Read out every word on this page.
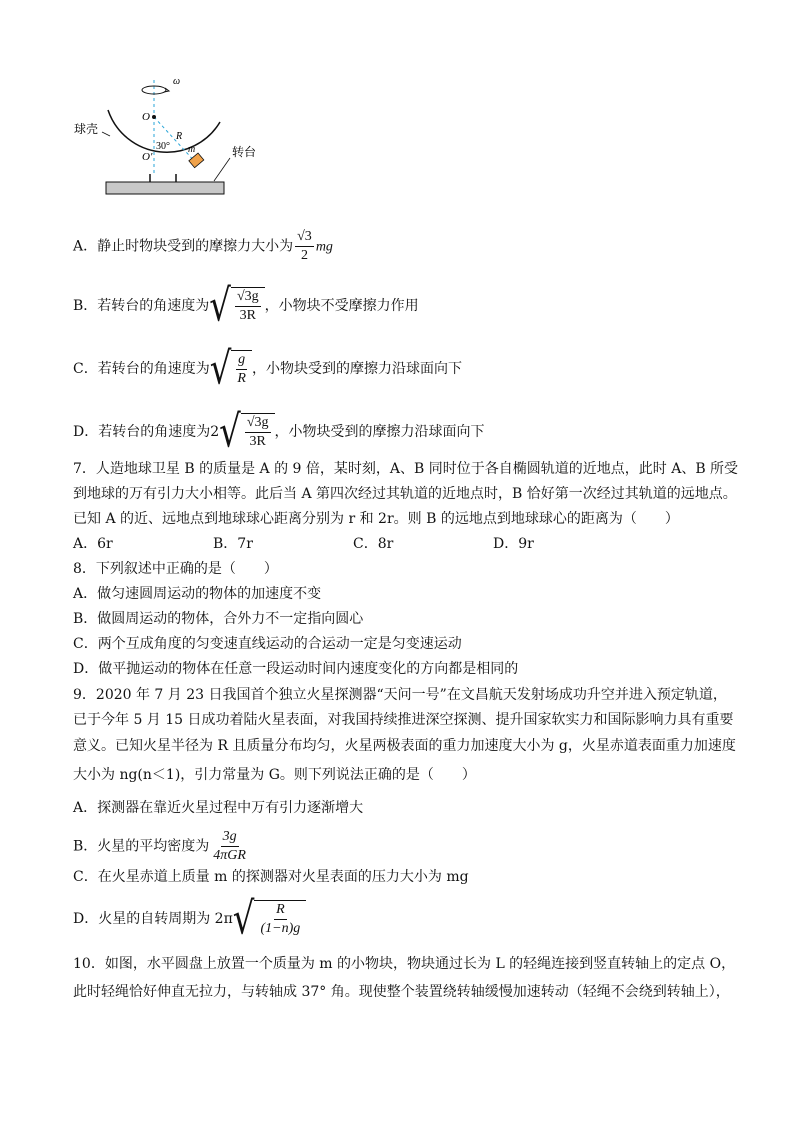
ω
O
R
30°
O′
m	转台
球壳
A．静止时物块受到的摩擦力大小为 $\frac{√3}{2}$ mg
B．若转台的角速度为 √ $\frac{√3g}{3R}$ ，小物块不受摩擦力作用
C．若转台的角速度为 √ $\frac{g}{R}$ ，小物块受到的摩擦力沿球面向下
D．若转台的角速度为2 √ $\frac{√3g}{3R}$ ，小物块受到的摩擦力沿球面向下
7．人造地球卫星 B 的质量是 A 的 9 倍，某时刻，A、B 同时位于各自椭圆轨道的近地点，此时 A、B 所受
到地球的万有引力大小相等。此后当 A 第四次经过其轨道的近地点时，B 恰好第一次经过其轨道的远地点。
已知 A 的近、远地点到地球球心距离分别为 r 和 2r。则 B 的远地点到地球球心的距离为（　　）
A．6r	B．7r	C．8r	D．9r
8．下列叙述中正确的是（　　）
A．做匀速圆周运动的物体的加速度不变
B．做圆周运动的物体，合外力不一定指向圆心
C．两个互成角度的匀变速直线运动的合运动一定是匀变速运动
D．做平抛运动的物体在任意一段运动时间内速度变化的方向都是相同的
9．2020 年 7 月 23 日我国首个独立火星探测器“天问一号”在文昌航天发射场成功升空并进入预定轨道，
已于今年 5 月 15 日成功着陆火星表面，对我国持续推进深空探测、提升国家软实力和国际影响力具有重要
意义。已知火星半径为 R 且质量分布均匀，火星两极表面的重力加速度大小为 g，火星赤道表面重力加速度
大小为 ng(n＜1)，引力常量为 G。则下列说法正确的是（　　）
A．探测器在靠近火星过程中万有引力逐渐增大
B．火星的平均密度为 $\frac{3g}{\text{4πGR}}$
C．在火星赤道上质量 m 的探测器对火星表面的压力大小为 mg
D．火星的自转周期为 2π √ $\frac{R}{(1-n)g}$
10．如图，水平圆盘上放置一个质量为 m 的小物块，物块通过长为 L 的轻绳连接到竖直转轴上的定点 O，
此时轻绳恰好伸直无拉力，与转轴成 37° 角。现使整个装置绕转轴缓慢加速转动（轻绳不会绕到转轴上），
